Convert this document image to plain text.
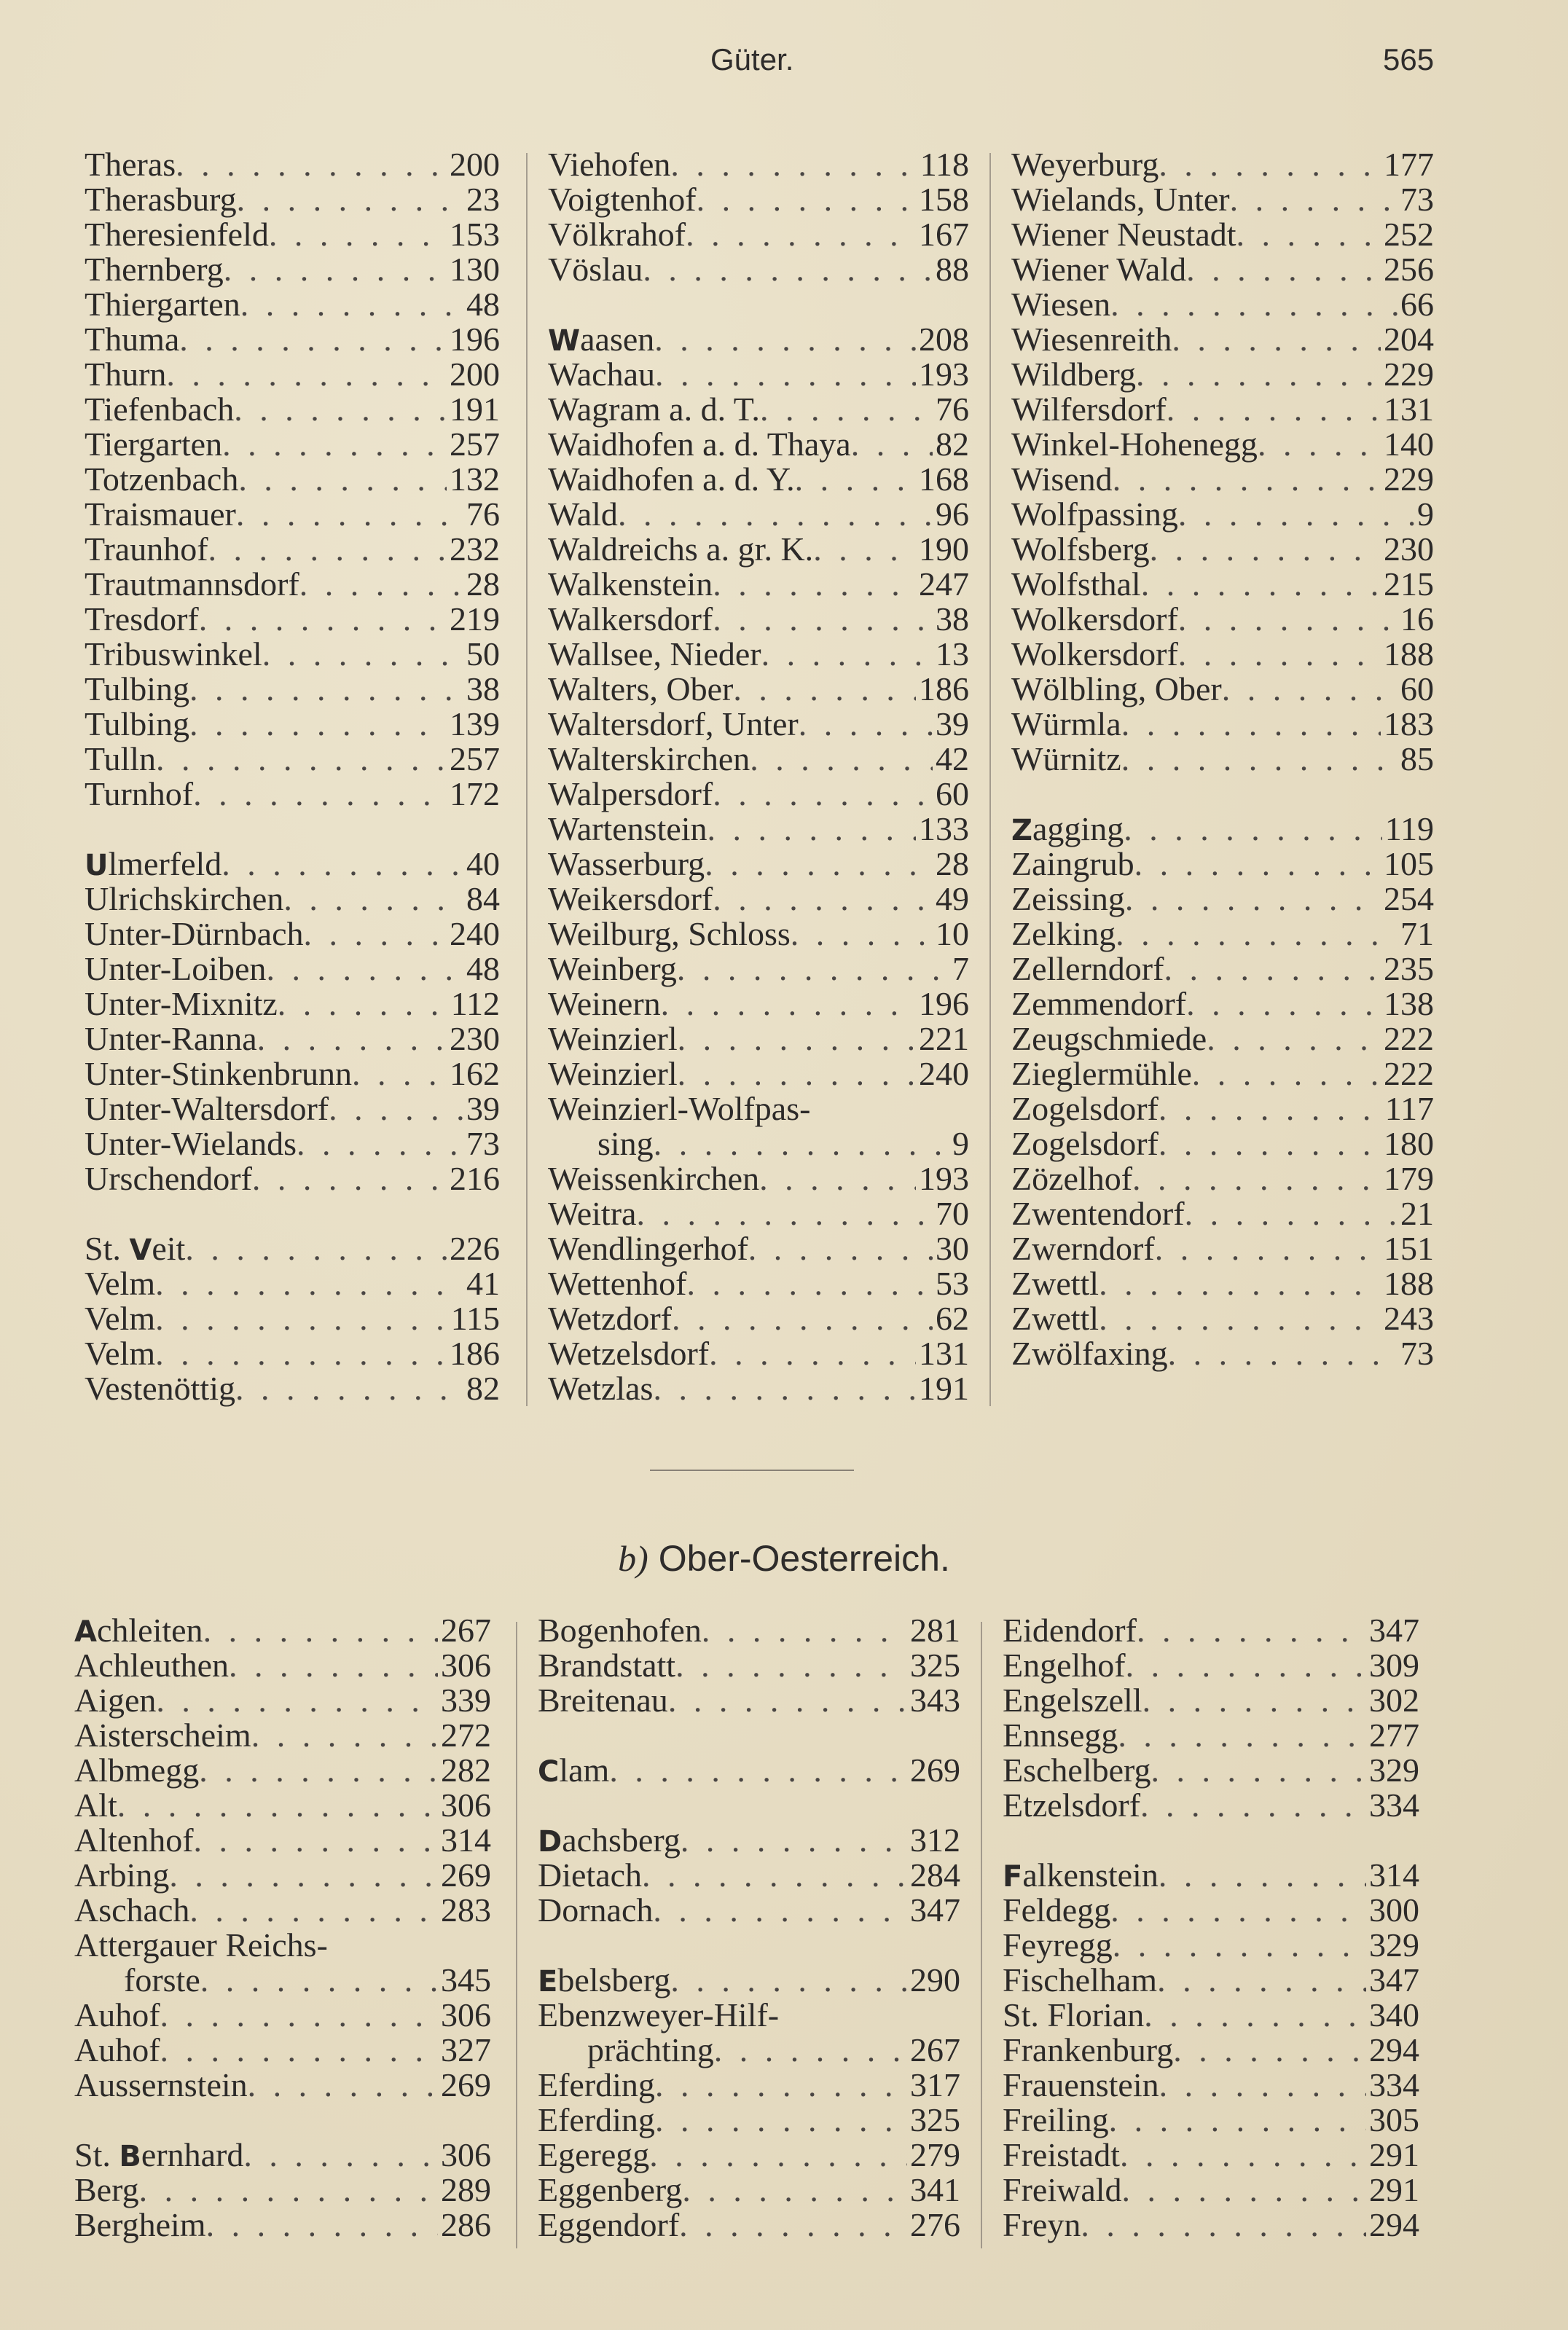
Güter.	565
Theras . . .	200
Therasburg . . .	23
Theresienfeld . . .	153
Thernberg . . .	130
Thiergarten . . .	48
Thuma . . .	196
Thurn . . .	200
Tiefenbach . . .	191
Tiergarten . . .	257
Totzenbach . . .	132
Traismauer . . .	76
Traunhof . . .	232
Trautmannsdorf . . .	28
Tresdorf . . .	219
Tribuswinkel . . .	50
Tulbing . . .	38
Tulbing . . .	139
Tulln . . .	257
Turnhof . . .	172
Ulmerfeld . . .	40
Ulrichskirchen . . .	84
Unter-Dürnbach . . .	240
Unter-Loiben . . .	48
Unter-Mixnitz . . .	112
Unter-Ranna . . .	230
Unter-Stinkenbrunn . . .	162
Unter-Waltersdorf . . .	39
Unter-Wielands . . .	73
Urschendorf . . .	216
St. Veit . . .	226
Velm . . .	41
Velm . . .	115
Velm . . .	186
Vestenöttig . . .	82
Viehofen . . .	118
Voigtenhof . . .	158
Völkrahof . . .	167
Vöslau . . .	88
Waasen . . .	208
Wachau . . .	193
Wagram a. d. T. . . .	76
Waidhofen a. d. Thaya . . .	82
Waidhofen a. d. Y. . . .	168
Wald . . .	96
Waldreichs a. gr. K. . . .	190
Walkenstein . . .	247
Walkersdorf . . .	38
Wallsee, Nieder . . .	13
Walters, Ober . . .	186
Waltersdorf, Unter . . .	39
Walterskirchen . . .	42
Walpersdorf . . .	60
Wartenstein . . .	133
Wasserburg . . .	28
Weikersdorf . . .	49
Weilburg, Schloss . . .	10
Weinberg . . .	7
Weinern . . .	196
Weinzierl . . .	221
Weinzierl . . .	240
Weinzierl-Wolfpas-
sing . . .	9
Weissenkirchen . . .	193
Weitra . . .	70
Wendlingerhof . . .	30
Wettenhof . . .	53
Wetzdorf . . .	62
Wetzelsdorf . . .	131
Wetzlas . . .	191
Weyerburg . . .	177
Wielands, Unter . . .	73
Wiener Neustadt . . .	252
Wiener Wald . . .	256
Wiesen . . .	66
Wiesenreith . . .	204
Wildberg . . .	229
Wilfersdorf . . .	131
Winkel-Hohenegg . . .	140
Wisend . . .	229
Wolfpassing . . .	9
Wolfsberg . . .	230
Wolfsthal . . .	215
Wolkersdorf . . .	16
Wolkersdorf . . .	188
Wölbling, Ober . . .	60
Würmla . . .	183
Würnitz . . .	85
Zagging . . .	119
Zaingrub . . .	105
Zeissing . . .	254
Zelking . . .	71
Zellerndorf . . .	235
Zemmendorf . . .	138
Zeugschmiede . . .	222
Zieglermühle . . .	222
Zogelsdorf . . .	117
Zogelsdorf . . .	180
Zözelhof . . .	179
Zwentendorf . . .	21
Zwerndorf . . .	151
Zwettl . . .	188
Zwettl . . .	243
Zwölfaxing . . .	73
b) Ober-Oesterreich.
Achleiten . . .	267
Achleuthen . . .	306
Aigen . . .	339
Aisterscheim . . .	272
Albmegg . . .	282
Alt . . .	306
Altenhof . . .	314
Arbing . . .	269
Aschach . . .	283
Attergauer Reichs-
forste . . .	345
Auhof . . .	306
Auhof . . .	327
Aussernstein . . .	269
St. Bernhard . . .	306
Berg . . .	289
Bergheim . . .	286
Bogenhofen . . .	281
Brandstatt . . .	325
Breitenau . . .	343
Clam . . .	269
Dachsberg . . .	312
Dietach . . .	284
Dornach . . .	347
Ebelsberg . . .	290
Ebenzweyer-Hilf-
prächting . . .	267
Eferding . . .	317
Eferding . . .	325
Egeregg . . .	279
Eggenberg . . .	341
Eggendorf . . .	276
Eidendorf . . .	347
Engelhof . . .	309
Engelszell . . .	302
Ennsegg . . .	277
Eschelberg . . .	329
Etzelsdorf . . .	334
Falkenstein . . .	314
Feldegg . . .	300
Feyregg . . .	329
Fischelham . . .	347
St. Florian . . .	340
Frankenburg . . .	294
Frauenstein . . .	334
Freiling . . .	305
Freistadt . . .	291
Freiwald . . .	291
Freyn . . .	294
